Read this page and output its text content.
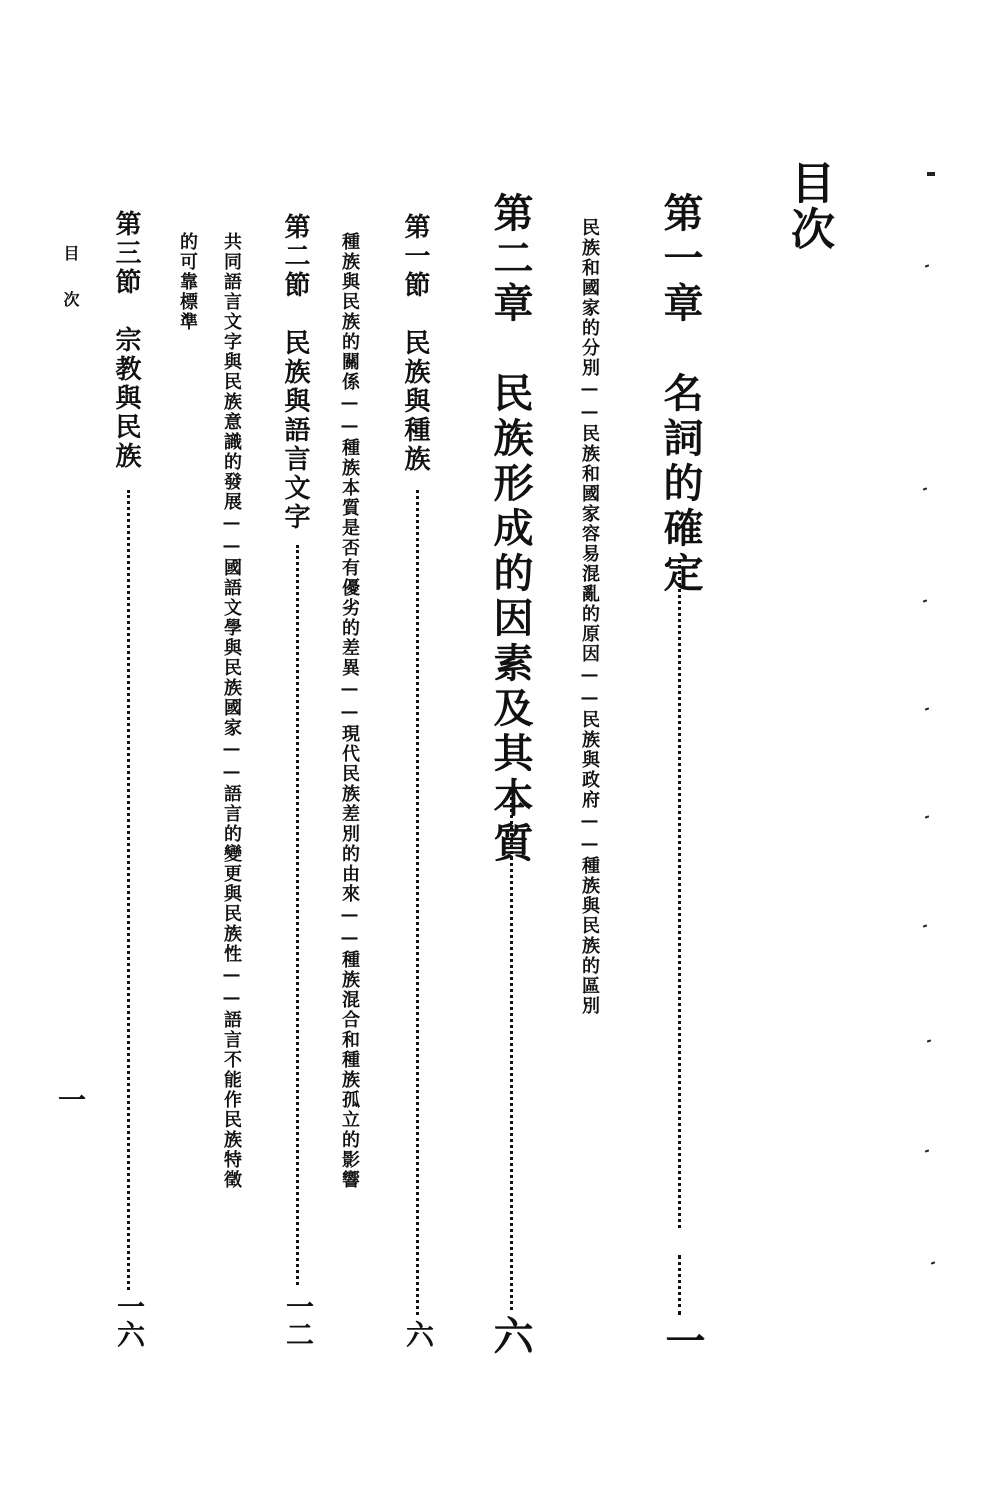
目次
第一章　名詞的確定
一
民族和國家的分別——民族和國家容易混亂的原因——民族與政府——種族與民族的區別
第二章　民族形成的因素及其本質
六
第一節　民族與種族
六
種族與民族的關係——種族本質是否有優劣的差異——現代民族差別的由來——種族混合和種族孤立的影響
第二節　民族與語言文字
一二
共同語言文字與民族意識的發展——國語文學與民族國家——語言的變更與民族性——語言不能作民族特徵
的可靠標準
第三節　宗教與民族
一六
目次
一
